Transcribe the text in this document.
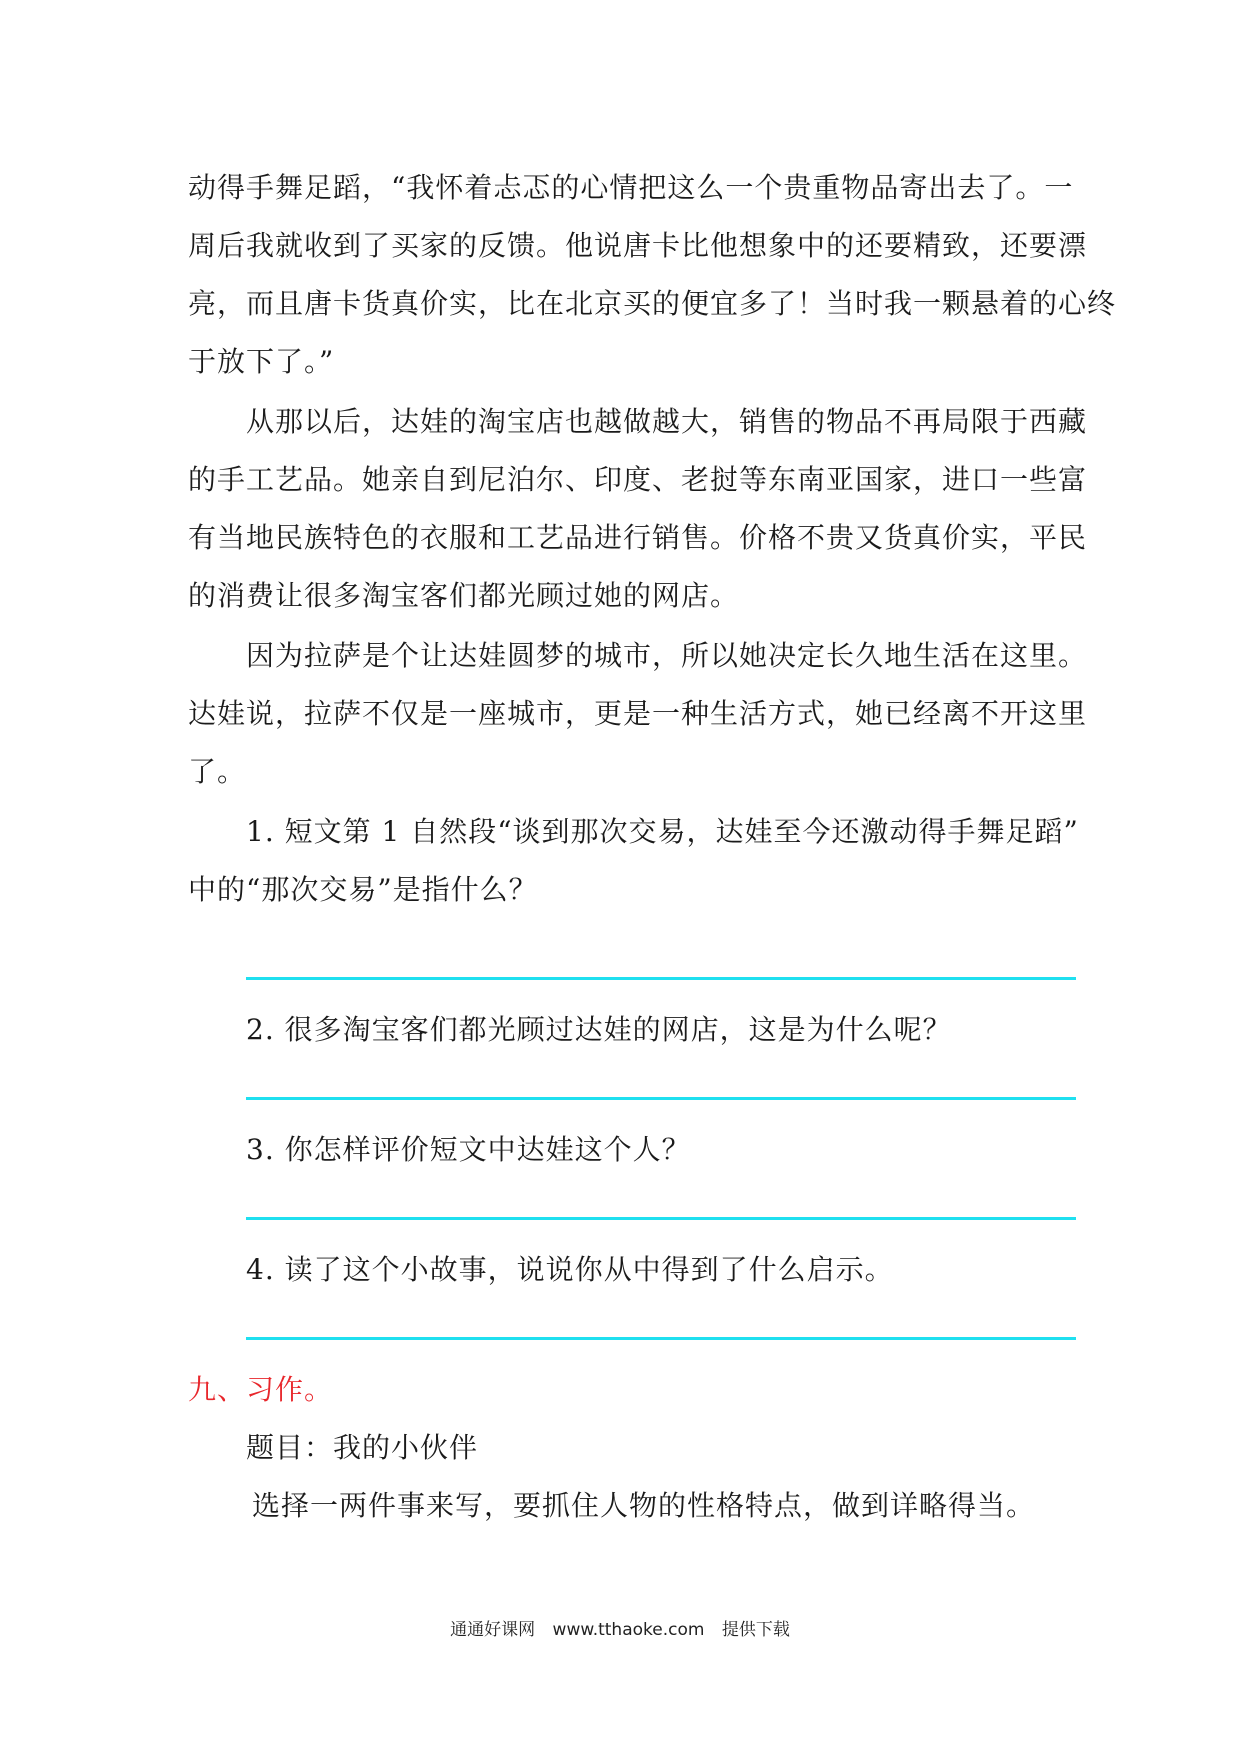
动得手舞足蹈，“我怀着忐忑的心情把这么一个贵重物品寄出去了。一
周后我就收到了买家的反馈。他说唐卡比他想象中的还要精致，还要漂
亮，而且唐卡货真价实，比在北京买的便宜多了！当时我一颗悬着的心终
于放下了。”
从那以后，达娃的淘宝店也越做越大，销售的物品不再局限于西藏
的手工艺品。她亲自到尼泊尔、印度、老挝等东南亚国家，进口一些富
有当地民族特色的衣服和工艺品进行销售。价格不贵又货真价实，平民
的消费让很多淘宝客们都光顾过她的网店。
因为拉萨是个让达娃圆梦的城市，所以她决定长久地生活在这里。
达娃说，拉萨不仅是一座城市，更是一种生活方式，她已经离不开这里
了。
1. 短文第 1 自然段“谈到那次交易，达娃至今还激动得手舞足蹈”
中的“那次交易”是指什么？
2. 很多淘宝客们都光顾过达娃的网店，这是为什么呢？
3. 你怎样评价短文中达娃这个人？
4. 读了这个小故事，说说你从中得到了什么启示。
九、习作。
题目：我的小伙伴
选择一两件事来写，要抓住人物的性格特点，做到详略得当。
通通好课网 www.tthaoke.com 提供下载
